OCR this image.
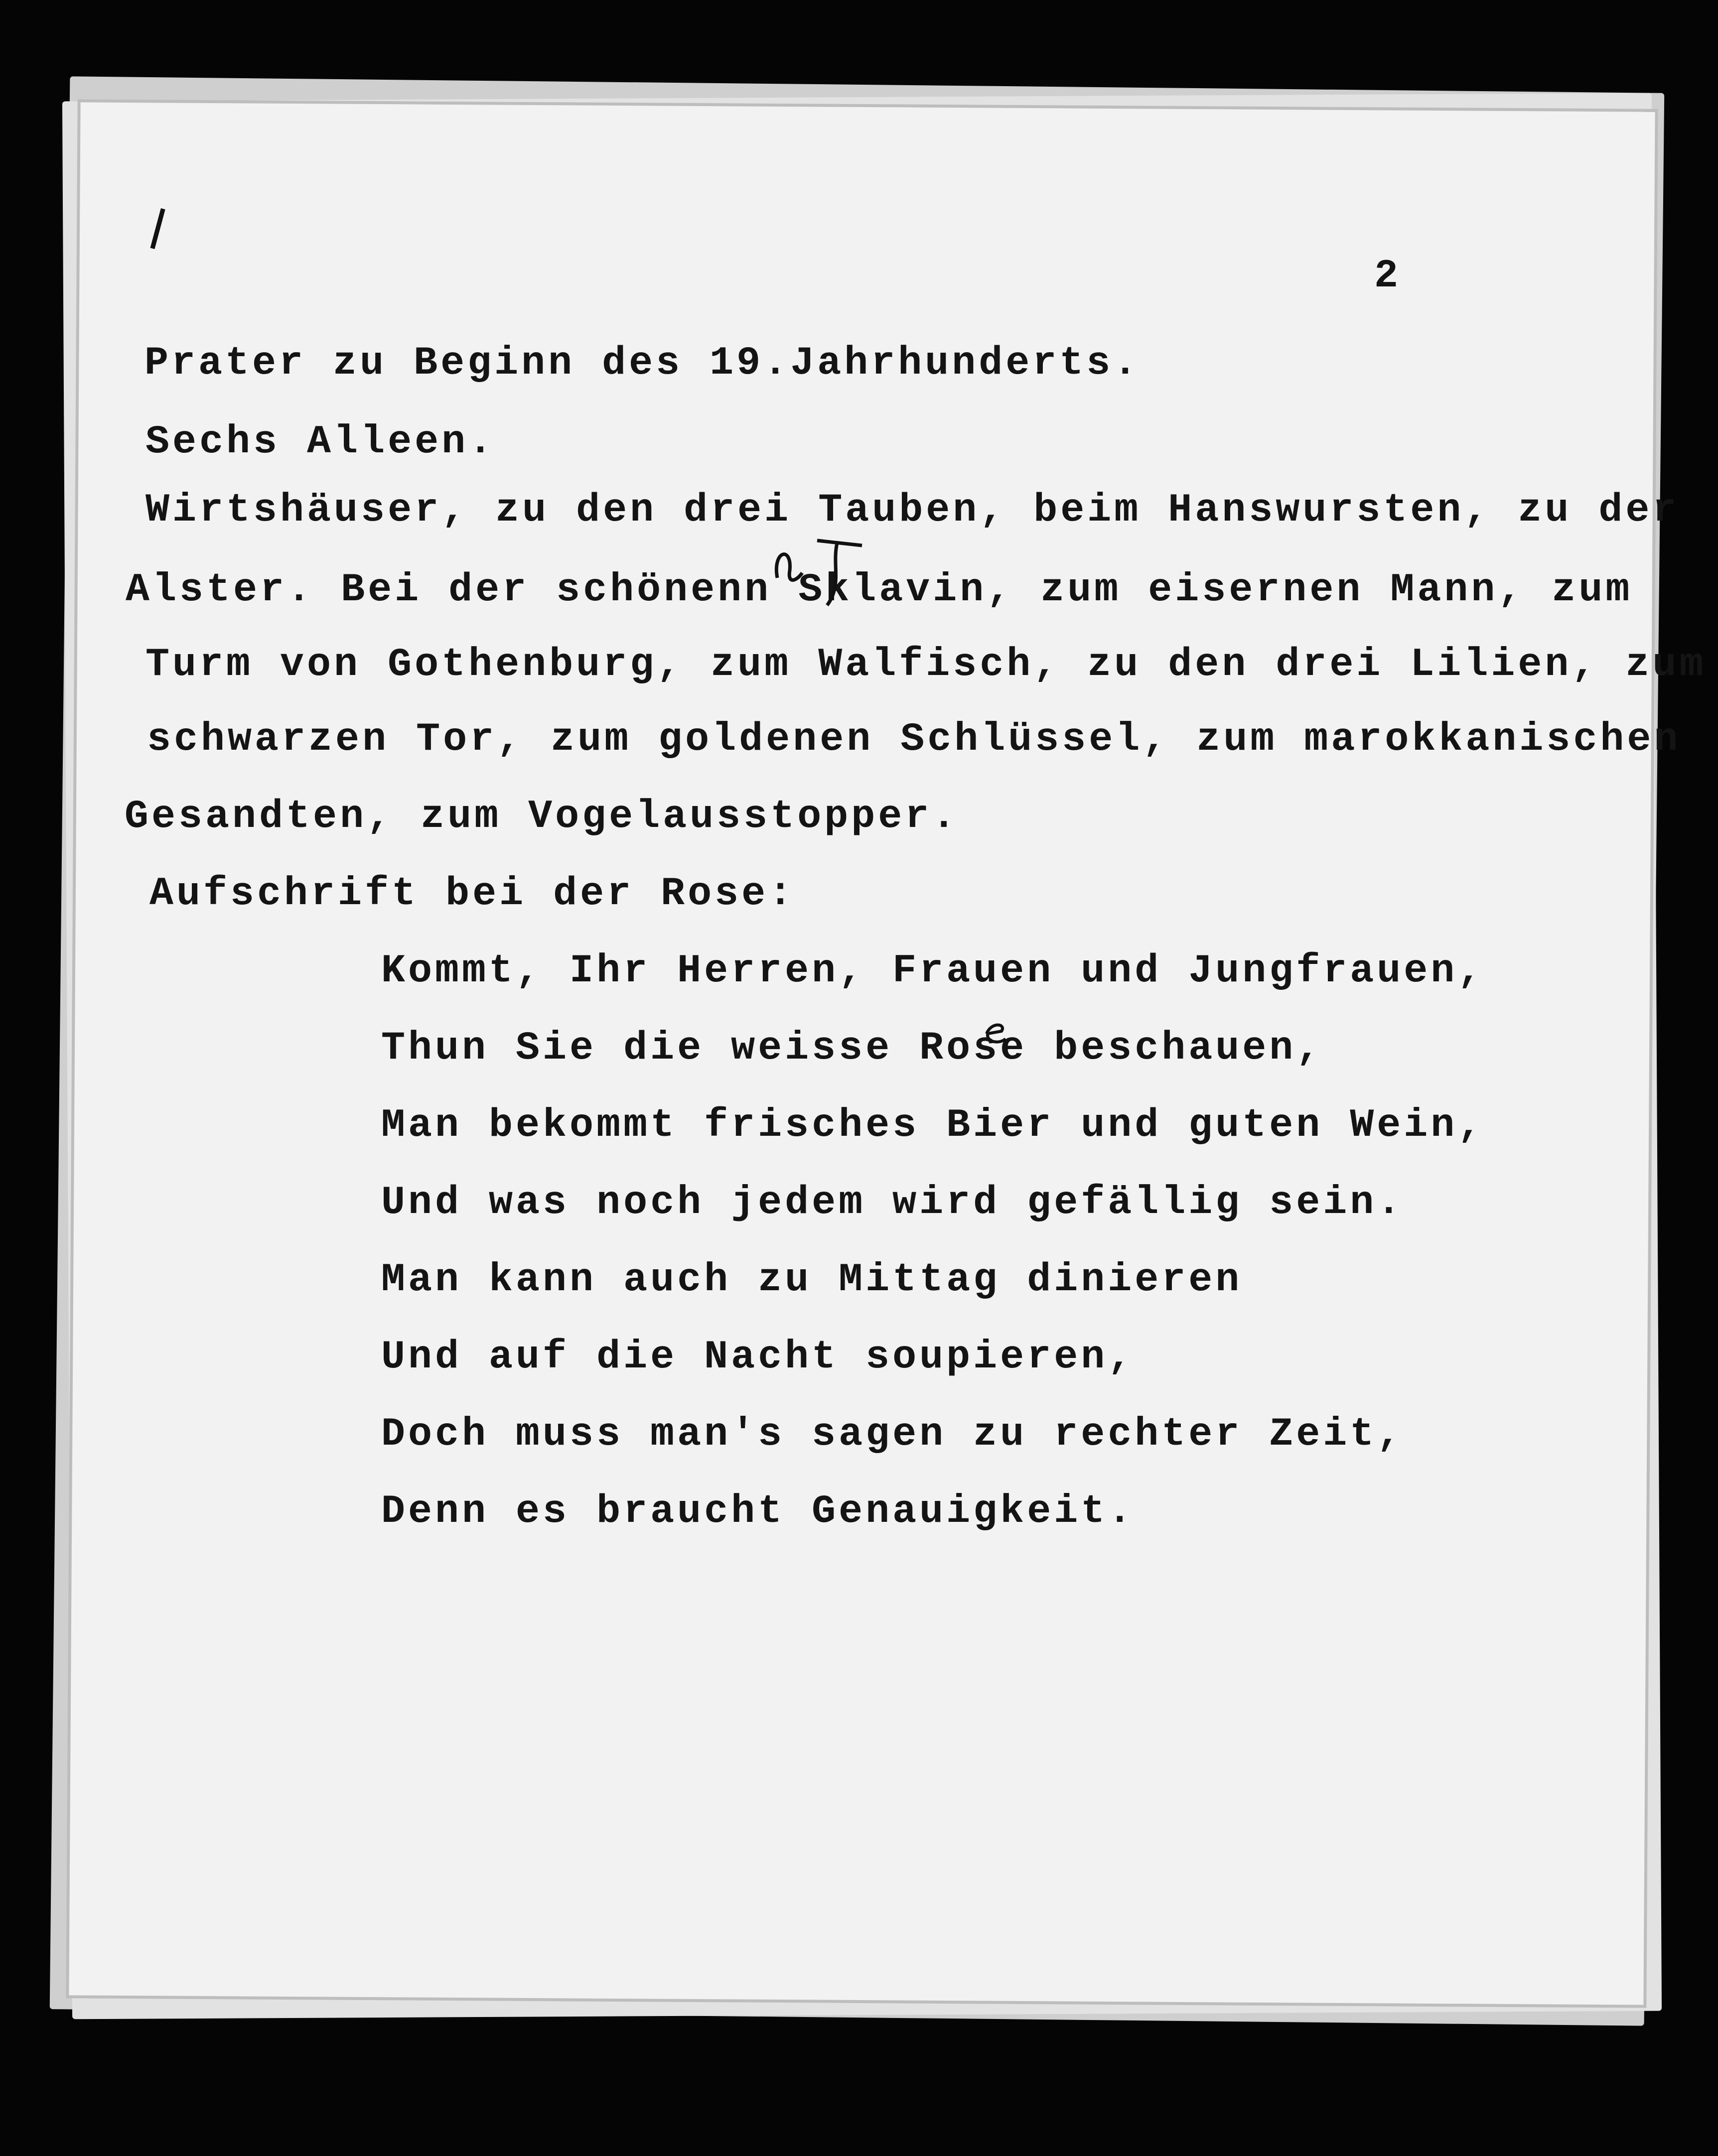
❘
2
Prater zu Beginn des 19.Jahrhunderts.
Sechs Alleen.
Wirtshäuser, zu den drei Tauben, beim Hanswursten, zu der
Alster. Bei der schönenn Sklavin, zum eisernen Mann, zum
Turm von Gothenburg, zum Walfisch, zu den drei Lilien, zum
schwarzen Tor, zum goldenen Schlüssel, zum marokkanischen
Gesandten, zum Vogelausstopper.
Aufschrift bei der Rose:
Kommt, Ihr Herren, Frauen und Jungfrauen,
Thun Sie die weisse Rose beschauen,
Man bekommt frisches Bier und guten Wein,
Und was noch jedem wird gefällig sein.
Man kann auch zu Mittag dinieren
Und auf die Nacht soupieren,
Doch muss man's sagen zu rechter Zeit,
Denn es braucht Genauigkeit.
